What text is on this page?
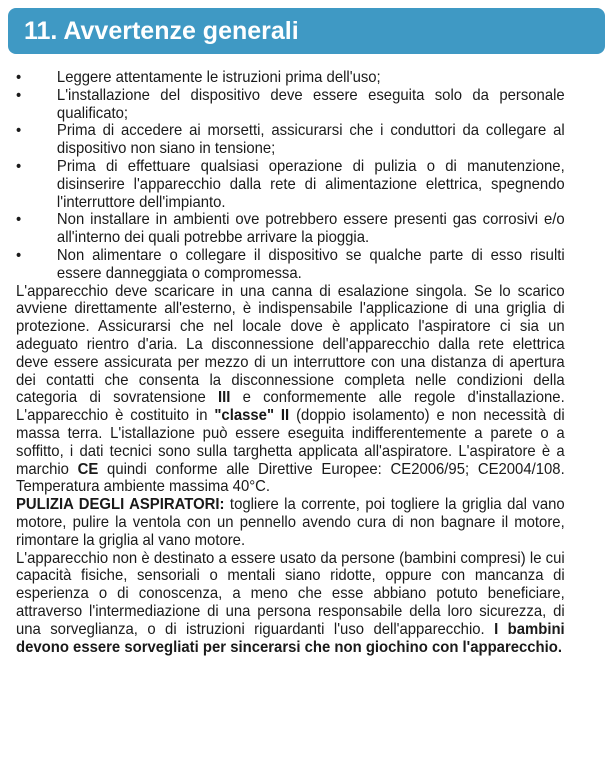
11. Avvertenze generali
• Leggere attentamente le istruzioni prima dell'uso;
• L'installazione del dispositivo deve essere eseguita solo da personale qualificato;
• Prima di accedere ai morsetti, assicurarsi che i conduttori da collegare al dispositivo non siano in tensione;
• Prima di effettuare qualsiasi operazione di pulizia o di manutenzione, disinserire l'apparecchio dalla rete di alimentazione elettrica, spegnendo l'interruttore dell'impianto.
• Non installare in ambienti ove potrebbero essere presenti gas corrosivi e/o all'interno dei quali potrebbe arrivare la pioggia.
• Non alimentare o collegare il dispositivo se qualche parte di esso risulti essere danneggiata o compromessa.

L'apparecchio deve scaricare in una canna di esalazione singola. Se lo scarico avviene direttamente all'esterno, è indispensabile l'applicazione di una griglia di protezione. Assicurarsi che nel locale dove è applicato l'aspiratore ci sia un adeguato rientro d'aria. La disconnessione dell'apparecchio dalla rete elettrica deve essere assicurata per mezzo di un interruttore con una distanza di apertura dei contatti che consenta la disconnessione completa nelle condizioni della categoria di sovratensione III e conformemente alle regole d'installazione. L'apparecchio è costituito in "classe" II (doppio isolamento) e non necessità di massa terra. L'istallazione può essere eseguita indifferentemente a parete o a soffitto, i dati tecnici sono sulla targhetta applicata all'aspiratore. L'aspiratore è a marchio CE quindi conforme alle Direttive Europee: CE2006/95; CE2004/108. Temperatura ambiente massima 40°C.

PULIZIA DEGLI ASPIRATORI: togliere la corrente, poi togliere la griglia dal vano motore, pulire la ventola con un pennello avendo cura di non bagnare il motore, rimontare la griglia al vano motore.

L'apparecchio non è destinato a essere usato da persone (bambini compresi) le cui capacità fisiche, sensoriali o mentali siano ridotte, oppure con mancanza di esperienza o di conoscenza, a meno che esse abbiano potuto beneficiare, attraverso l'intermediazione di una persona responsabile della loro sicurezza, di una sorveglianza, o di istruzioni riguardanti l'uso dell'apparecchio. I bambini devono essere sorvegliati per sincerarsi che non giochino con l'apparecchio.
